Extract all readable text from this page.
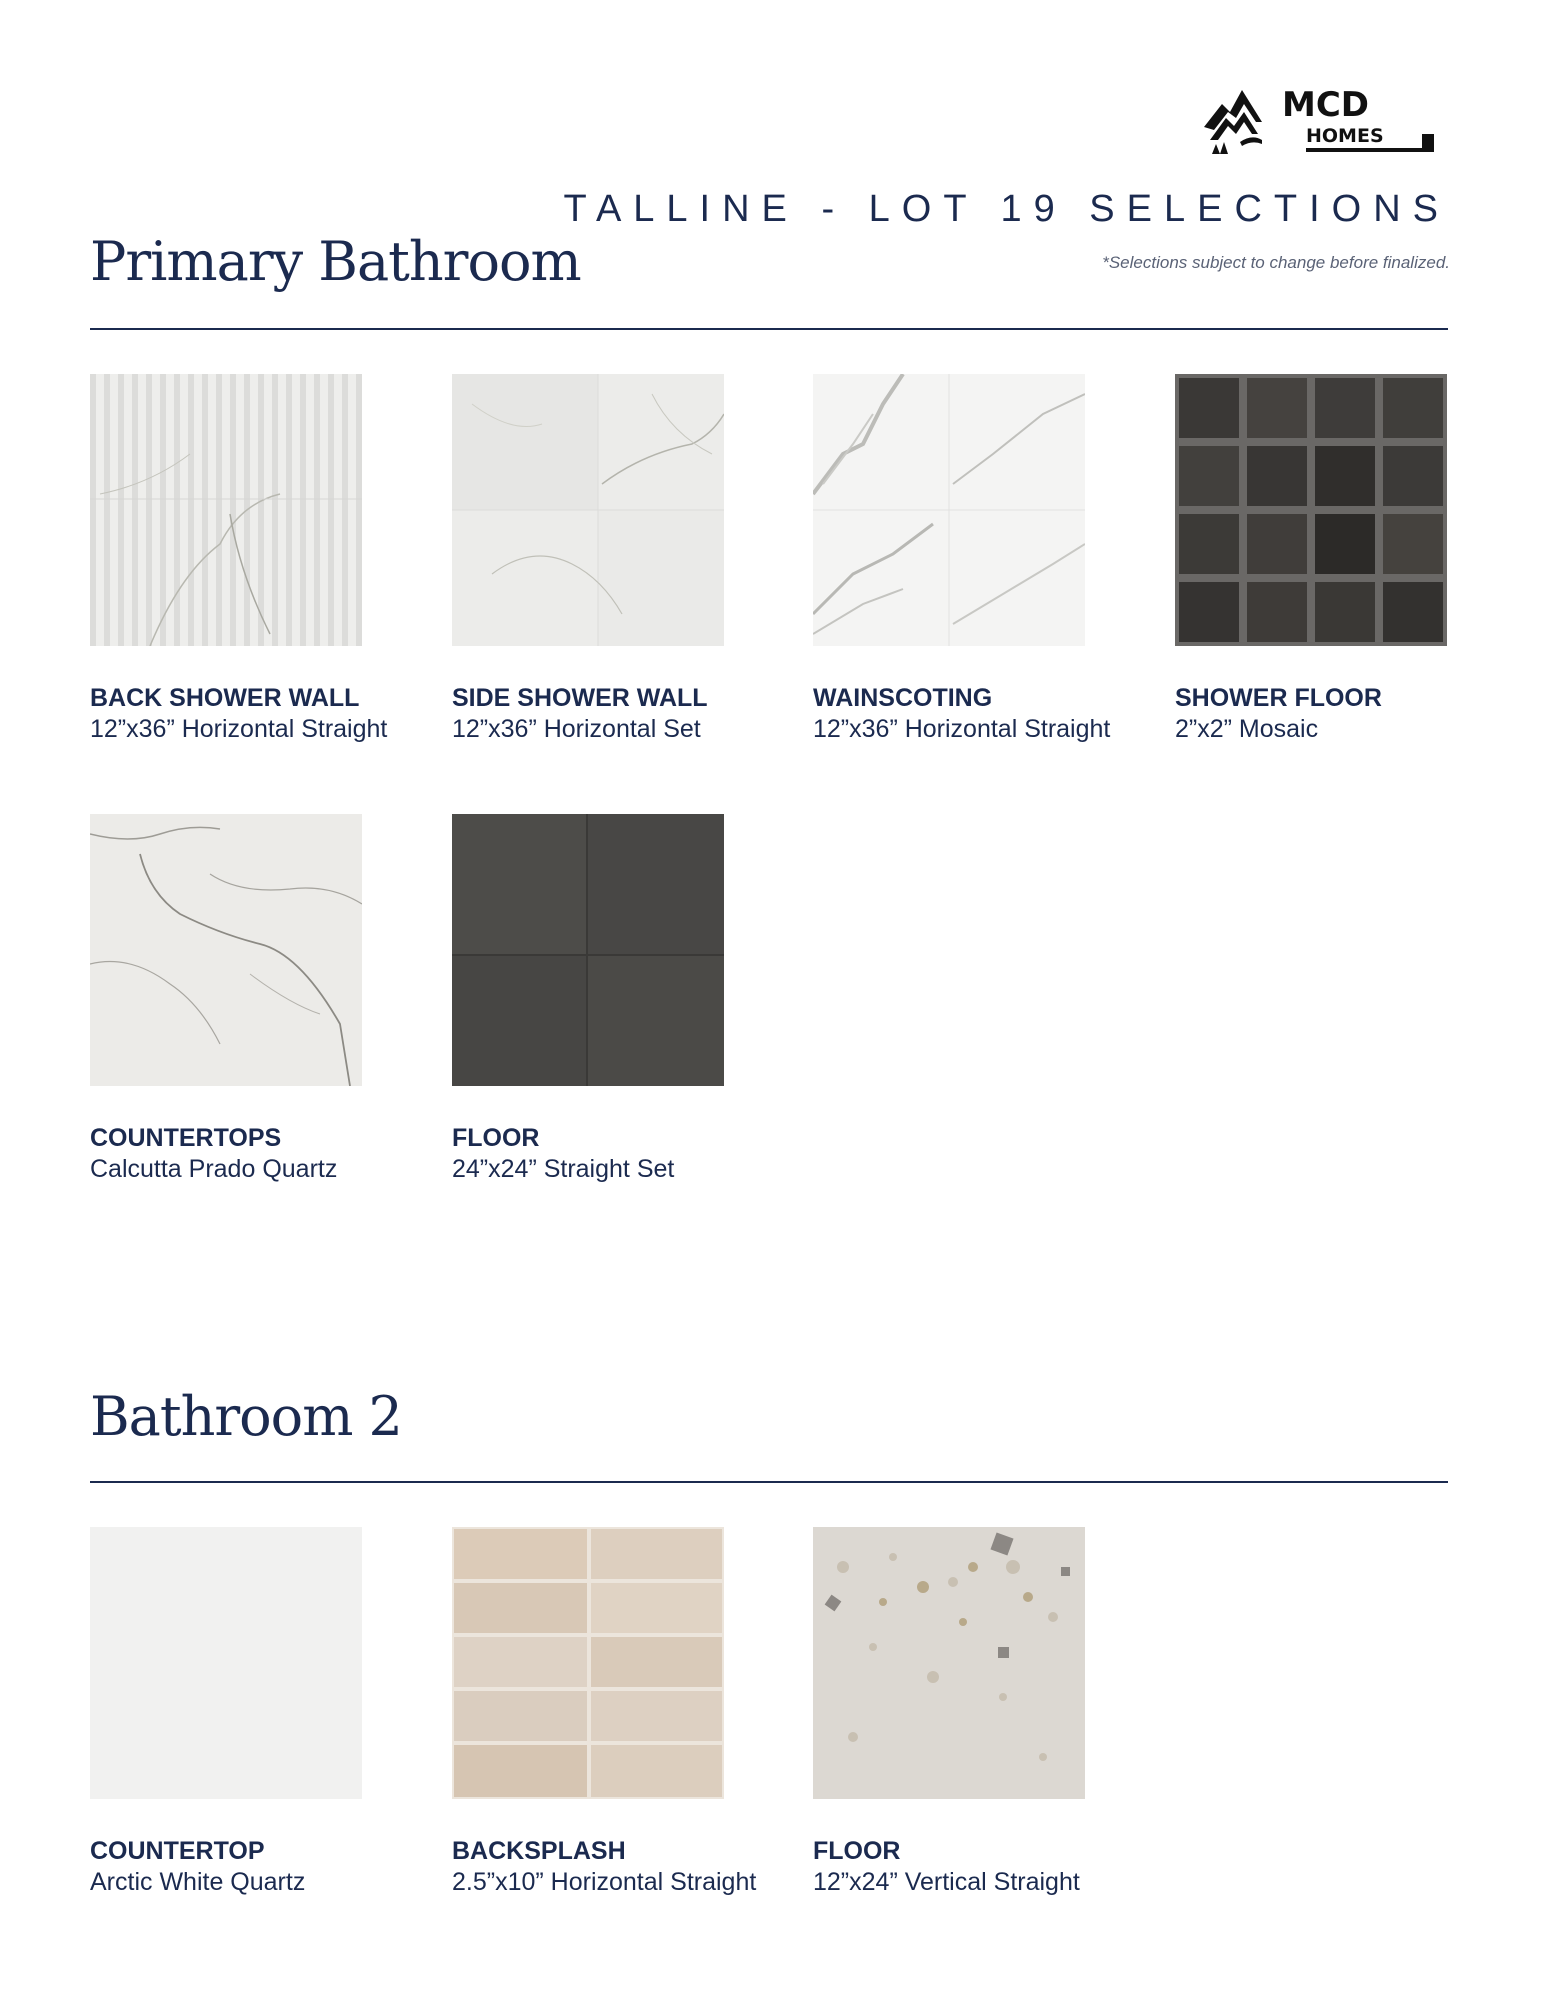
MCD
HOMES
TALLINE - LOT 19 SELECTIONS
*Selections subject to change before finalized.
Primary Bathroom
BACK SHOWER WALL
12”x36” Horizontal Straight
SIDE SHOWER WALL
12”x36” Horizontal Set
WAINSCOTING
12”x36” Horizontal Straight
SHOWER FLOOR
2”x2” Mosaic
COUNTERTOPS
Calcutta Prado Quartz
FLOOR
24”x24” Straight Set
Bathroom 2
COUNTERTOP
Arctic White Quartz
BACKSPLASH
2.5”x10” Horizontal Straight
FLOOR
12”x24” Vertical Straight
